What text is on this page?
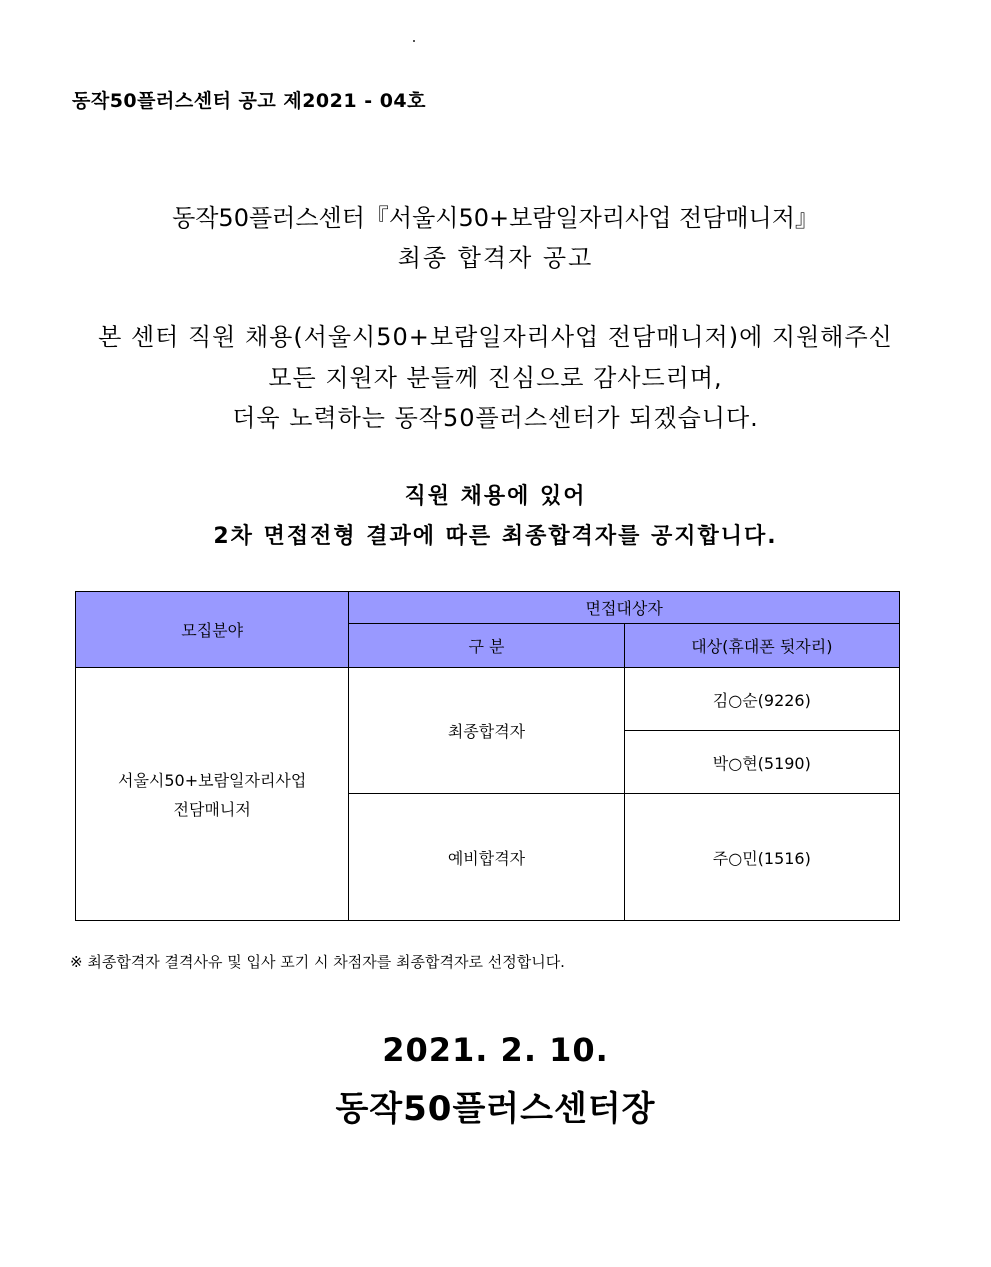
동작50플러스센터 공고 제2021 - 04호
동작50플러스센터『서울시50+보람일자리사업 전담매니저』
최종 합격자 공고
본 센터 직원 채용(서울시50+보람일자리사업 전담매니저)에 지원해주신
모든 지원자 분들께 진심으로 감사드리며,
더욱 노력하는 동작50플러스센터가 되겠습니다.
직원 채용에 있어
2차 면접전형 결과에 따른 최종합격자를 공지합니다.
모집분야	면접대상자	
	구 분	대상(휴대폰 뒷자리)

서울시50+보람일자리사업
전담매니저	최종합격자	김○순(9226)
		박○현(5190)
	예비합격자	주○민(1516)
※ 최종합격자 결격사유 및 입사 포기 시 차점자를 최종합격자로 선정합니다.
2021. 2. 10.
동작50플러스센터장
